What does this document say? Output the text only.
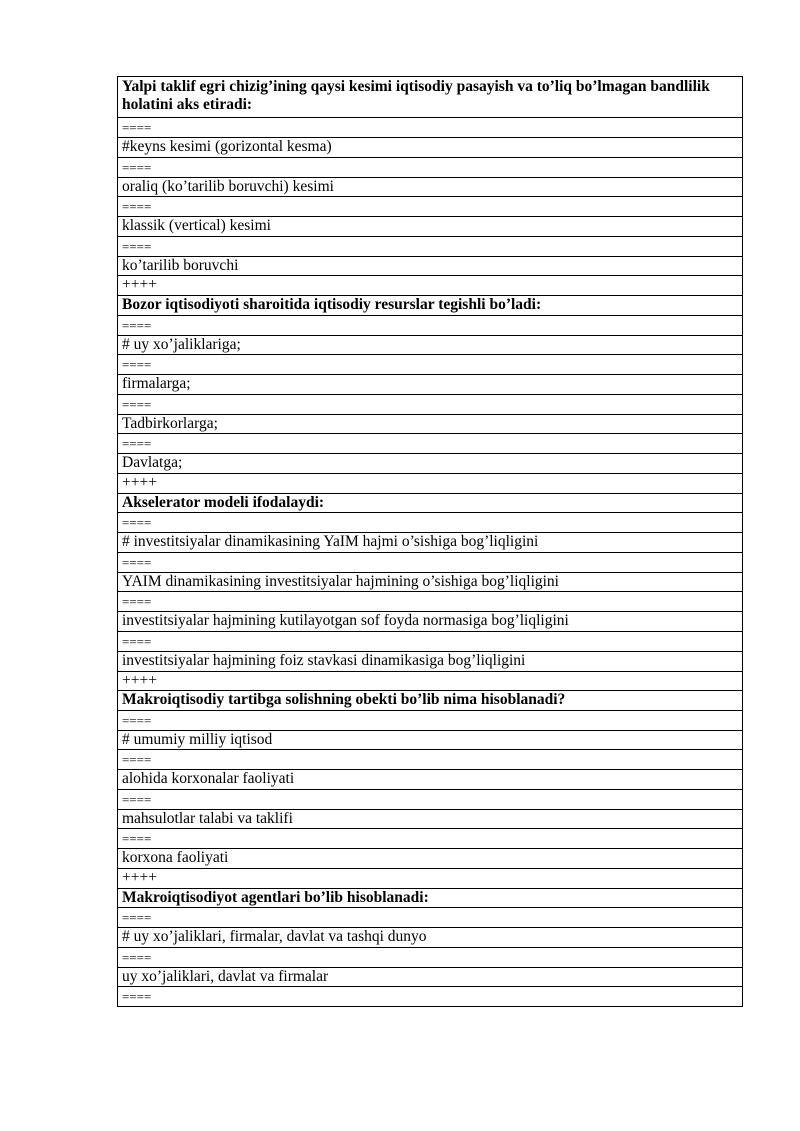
Yalpi taklif egri chizig’ining qaysi kesimi iqtisodiy pasayish va to’liq bo’lmagan bandlilik holatini aks etiradi:
====
#keyns kesimi (gorizontal kesma)
====
oraliq (ko’tarilib boruvchi) kesimi
====
klassik (vertical) kesimi
====
ko’tarilib boruvchi
++++
Bozor iqtisodiyoti sharoitida iqtisodiy resurslar tegishli bo’ladi:
====
# uy xo’jaliklariga;
====
firmalarga;
====
Tadbirkorlarga;
====
Davlatga;
++++
Akselerator modeli ifodalaydi:
====
# investitsiyalar dinamikasining YaIM hajmi o’sishiga bog’liqligini
====
YAIM dinamikasining investitsiyalar hajmining o’sishiga bog’liqligini
====
investitsiyalar hajmining kutilayotgan sof foyda normasiga bog’liqligini
====
investitsiyalar hajmining foiz stavkasi dinamikasiga bog’liqligini
++++
Makroiqtisodiy tartibga solishning obekti bo’lib nima hisoblanadi?
====
# umumiy milliy iqtisod
====
alohida korxonalar faoliyati
====
mahsulotlar talabi va taklifi
====
korxona faoliyati
++++
Makroiqtisodiyot agentlari bo’lib hisoblanadi:
====
# uy xo’jaliklari, firmalar, davlat va tashqi dunyo
====
uy xo’jaliklari, davlat va firmalar
====
